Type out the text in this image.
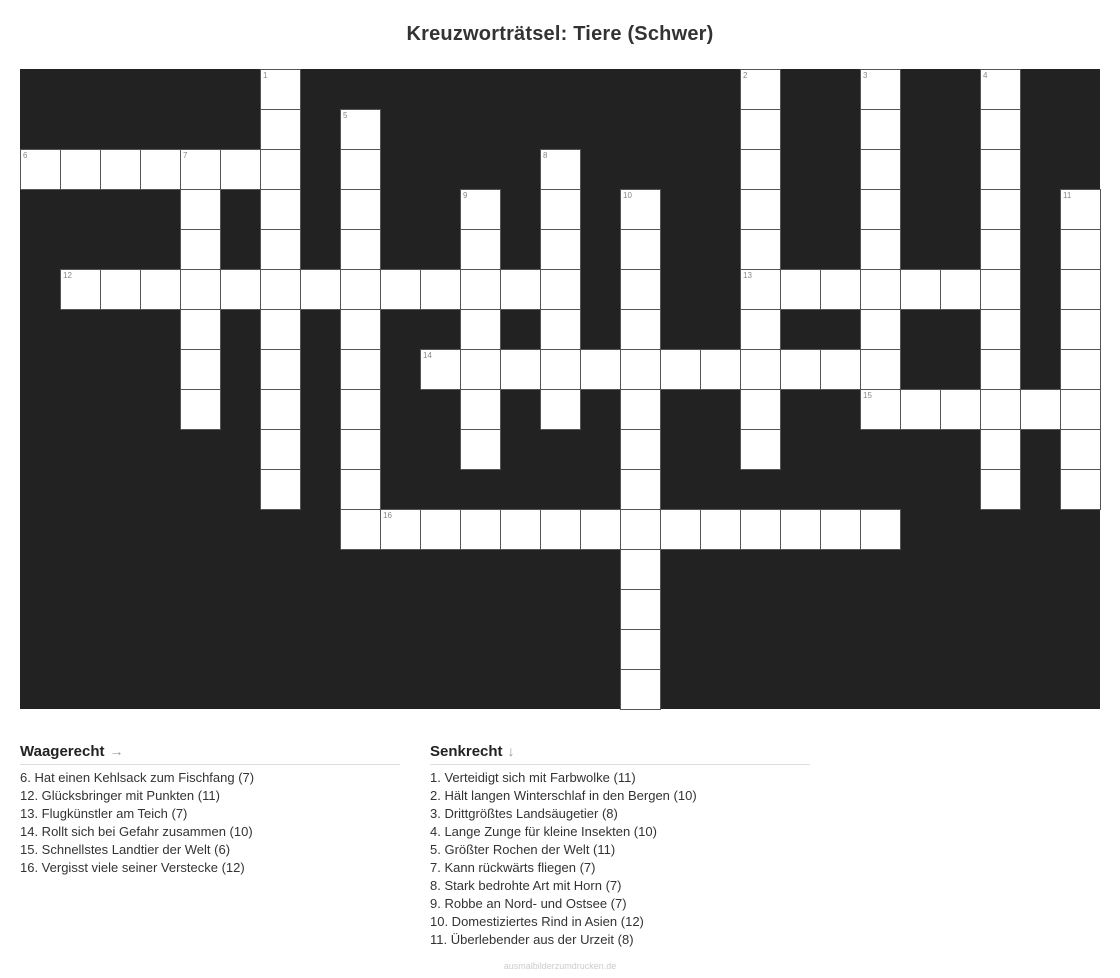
Kreuzworträtsel: Tiere (Schwer)
1	2	3	4
5
6	7	8
9	10	11
12	13
14
15
16
Waagerecht →
6. Hat einen Kehlsack zum Fischfang (7)
12. Glücksbringer mit Punkten (11)
13. Flugkünstler am Teich (7)
14. Rollt sich bei Gefahr zusammen (10)
15. Schnellstes Landtier der Welt (6)
16. Vergisst viele seiner Verstecke (12)
Senkrecht ↓
1. Verteidigt sich mit Farbwolke (11)
2. Hält langen Winterschlaf in den Bergen (10)
3. Drittgrößtes Landsäugetier (8)
4. Lange Zunge für kleine Insekten (10)
5. Größter Rochen der Welt (11)
7. Kann rückwärts fliegen (7)
8. Stark bedrohte Art mit Horn (7)
9. Robbe an Nord- und Ostsee (7)
10. Domestiziertes Rind in Asien (12)
11. Überlebender aus der Urzeit (8)
ausmalbilderzumdrucken.de
